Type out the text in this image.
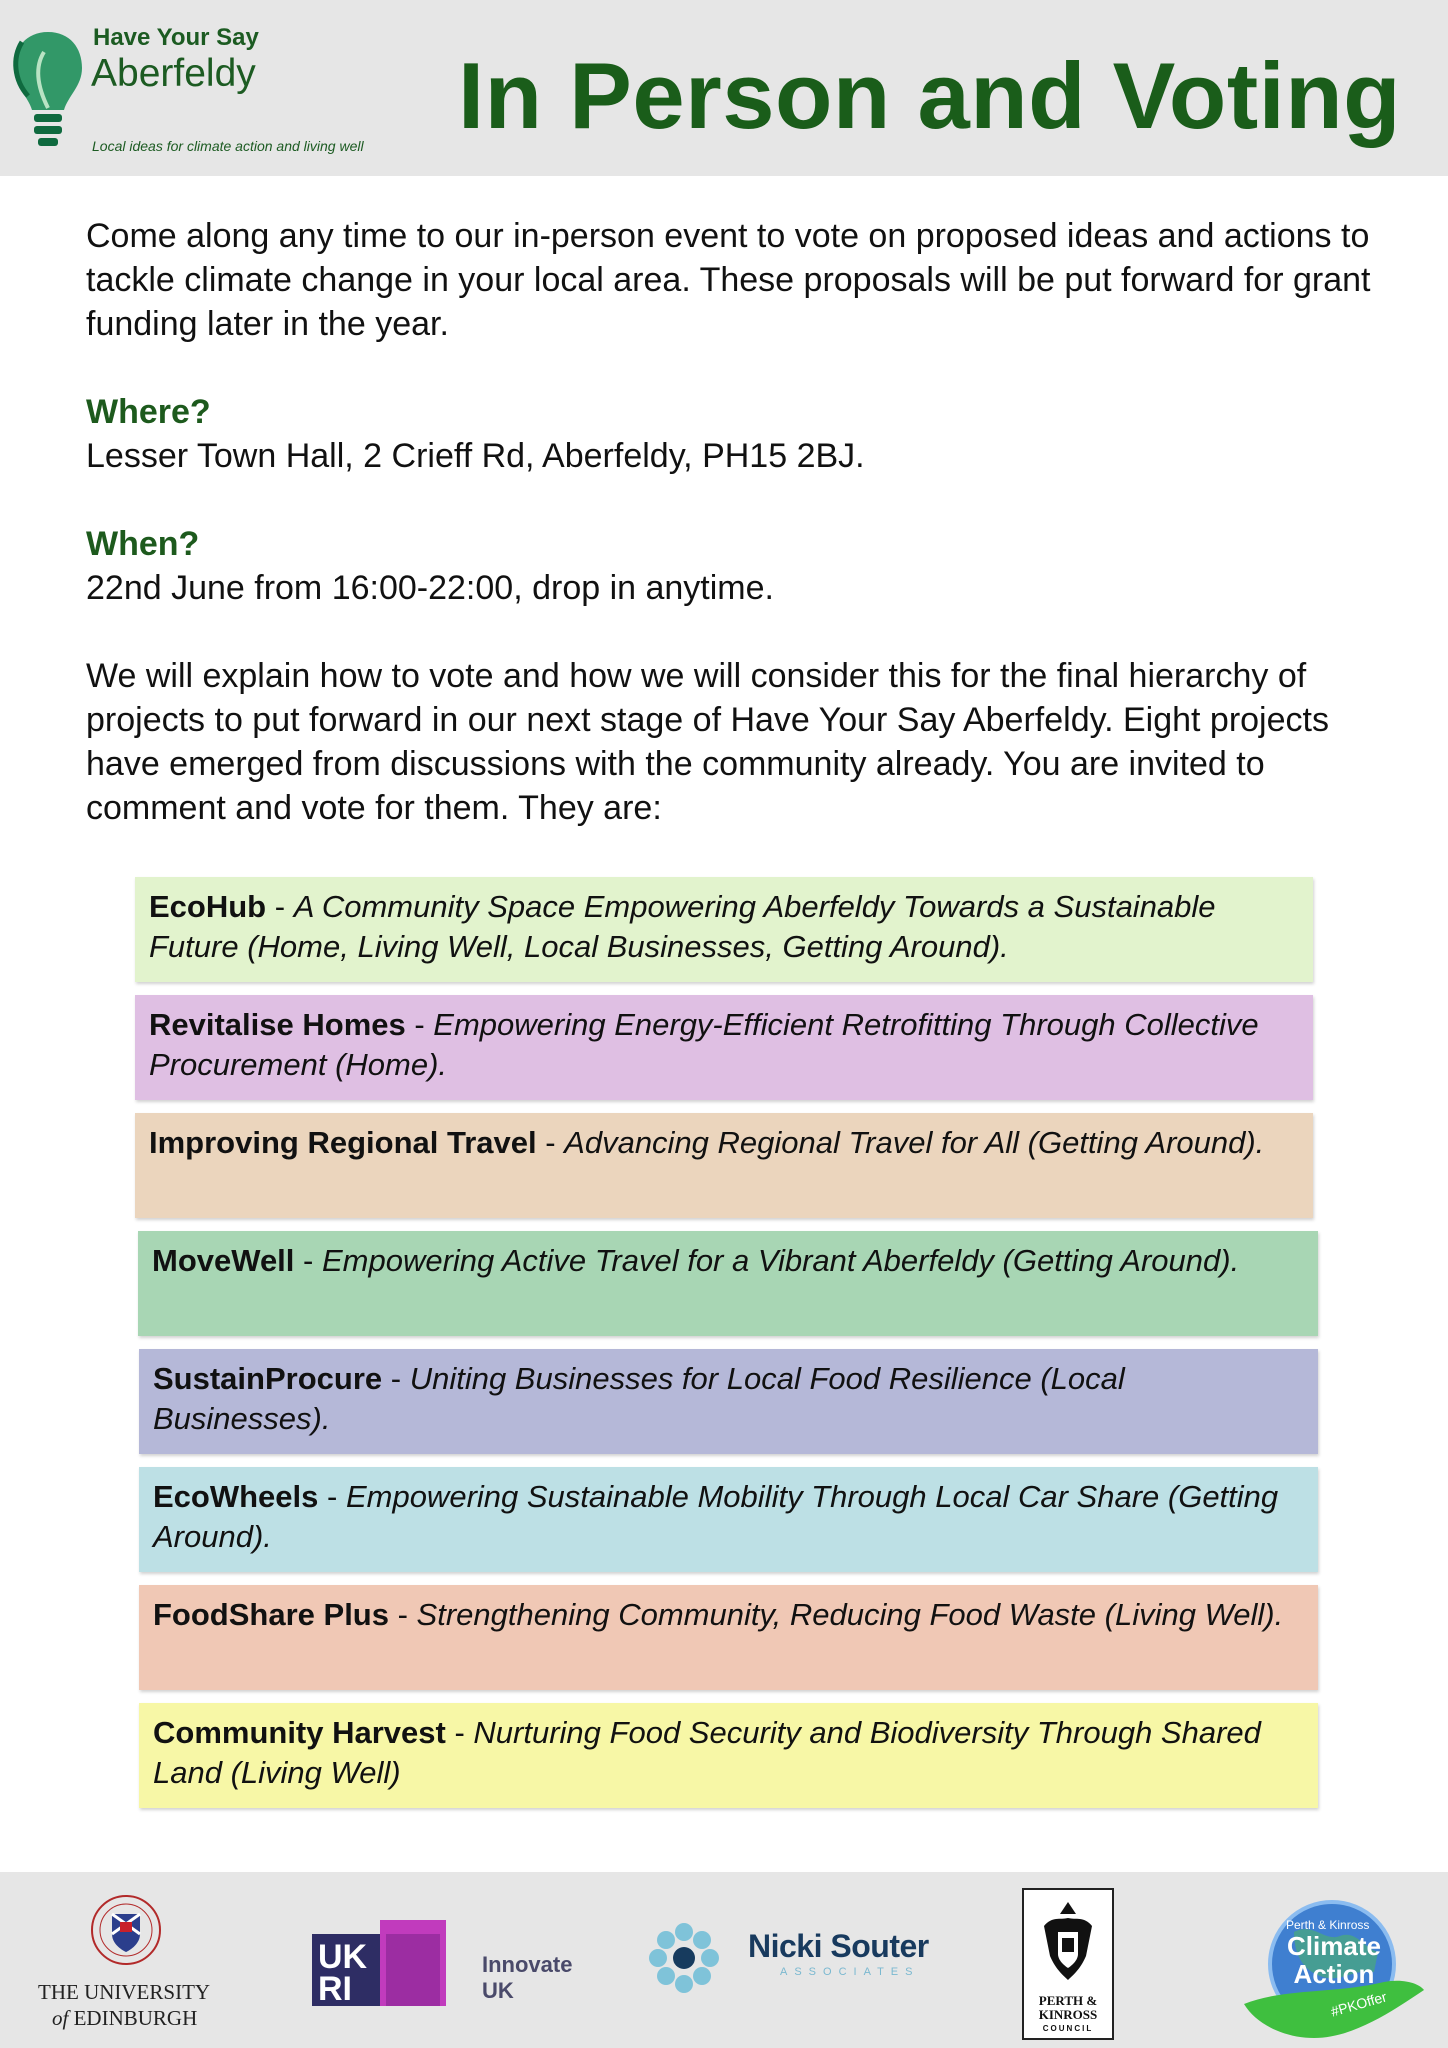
Have Your Say
Aberfeldy
Local ideas for climate action and living well In Person and Voting

Come along any time to our in-person event to vote on proposed ideas and actions to tackle climate change in your local area. These proposals will be put forward for grant funding later in the year.

Where?

Lesser Town Hall, 2 Crieff Rd, Aberfeldy, PH15 2BJ.

When?

22nd June from 16:00-22:00, drop in anytime.

We will explain how to vote and how we will consider this for the final hierarchy of projects to put forward in our next stage of Have Your Say Aberfeldy. Eight projects have emerged from discussions with the community already. You are invited to comment and vote for them. They are:

EcoHub - A Community Space Empowering Aberfeldy Towards a Sustainable Future (Home, Living Well, Local Businesses, Getting Around).
Revitalise Homes - Empowering Energy-Efficient Retrofitting Through Collective Procurement (Home).
Improving Regional Travel - Advancing Regional Travel for All (Getting Around).
MoveWell - Empowering Active Travel for a Vibrant Aberfeldy (Getting Around).
SustainProcure - Uniting Businesses for Local Food Resilience (Local Businesses).
EcoWheels - Empowering Sustainable Mobility Through Local Car Share (Getting Around).
FoodShare Plus - Strengthening Community, Reducing Food Waste (Living Well).
Community Harvest - Nurturing Food Security and Biodiversity Through Shared Land (Living Well)
THE UNIVERSITY
of EDINBURGH
UK
RI
Innovate
UK
Nicki Souter
ASSOCIATES
PERTH &
KINROSS
COUNCIL
Perth & Kinross
Climate Action
#PKOffer
